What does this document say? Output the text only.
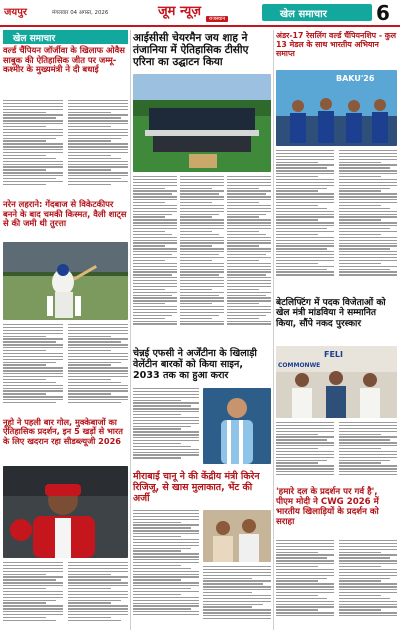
जयपुर	मंगलवार 04 अगस्त, 2026	जूम न्यूज़	राजस्थान	खेल समाचार 6
खेल समाचार
वर्ल्ड चैंपियन जॉर्जीवा के खिलाफ ओवैस साबुक की ऐतिहासिक जीत पर जम्मू-कश्मीर के मुख्यमंत्री ने दी बधाई
नरेन लहराने: गेंदबाज से विकेटकीपर बनने के बाद चमकी किस्मत, वैली शाट्स से की जमी थी तुरत्ता
नूहो ने पहली बार गोल, मुक्केबाजों का ऐतिहासिक प्रदर्शन, इन 5 खर्ड़ो से भारत के लिए खदरान रहा सीडब्ल्यूजी 2026
आईसीसी चेयरमैन जय शाह ने तंजानिया में ऐतिहासिक टीसीए एरिना का उद्घाटन किया
चेन्नई एफसी ने अर्जेंटीना के खिलाड़ी वेलेंटीन बारकों को किया साइन, 2033 तक का हुआ करार
मीराबाई चानू ने की केंद्रीय मंत्री किरेन रिजिजू, से खास मुलाकात, भेंट की अर्जी
अंडर-17 रेसलिंग वर्ल्ड चैंपियनशिप - कुल 13 मेडल के साथ भारतीय अभियान समाप्त
BAKU'26
बेटलिफ्टिंग में पदक विजेताओं को खेल मंत्री मांडविया ने सम्मानित किया, सौंपे नकद पुरस्कार
FELI
COMMONWE
'हमारे दल के प्रदर्शन पर गर्व है', पीएम मोदी ने CWG 2026 में भारतीय खिलाड़ियों के प्रदर्शन को सराहा
